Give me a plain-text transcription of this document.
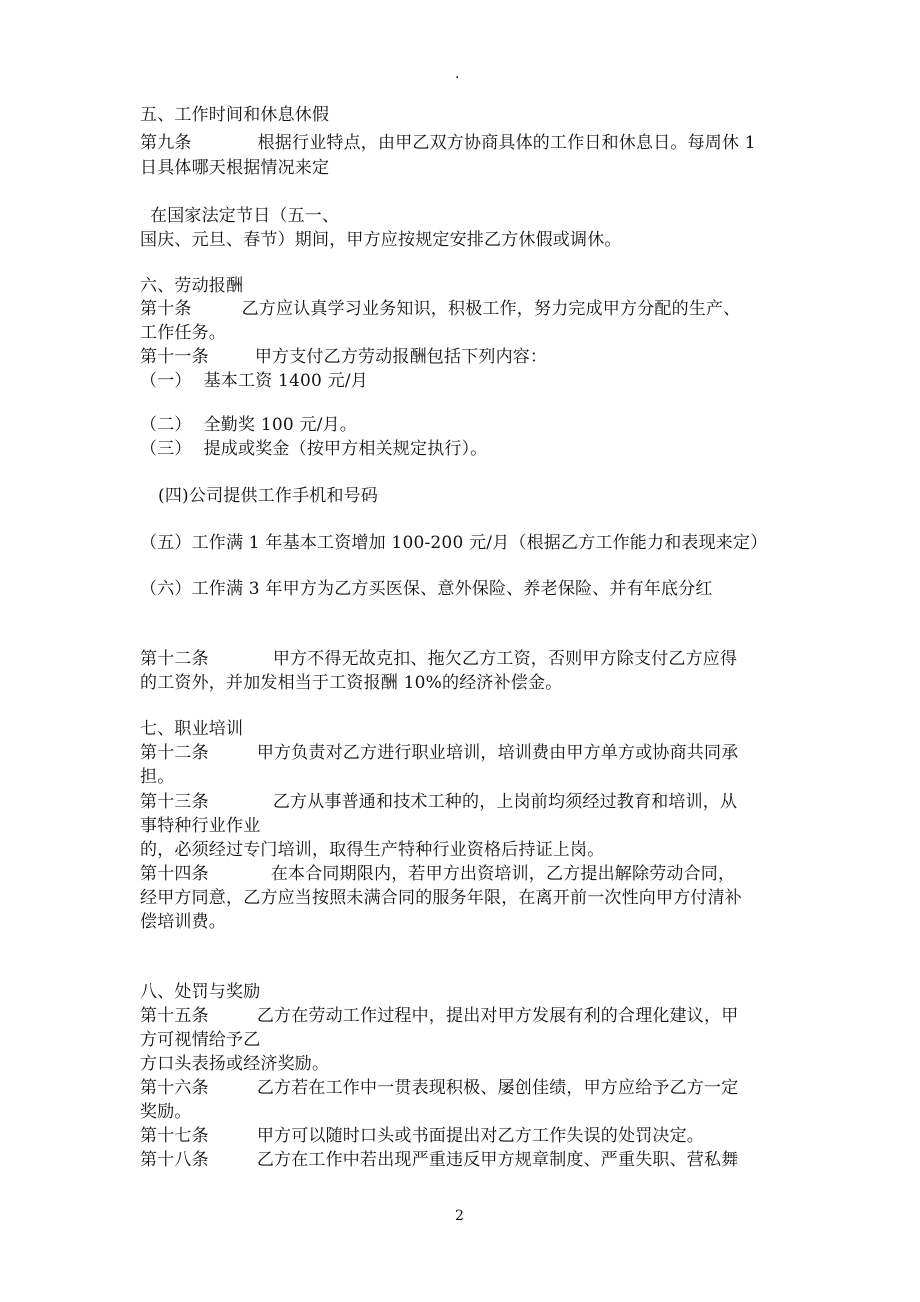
.
五、工作时间和休息休假
第九条	根据行业特点，由甲乙双方协商具体的工作日和休息日。每周休 1
日具体哪天根据情况来定
在国家法定节日（五一、
国庆、元旦、春节）期间，甲方应按规定安排乙方休假或调休。
六、劳动报酬
第十条	乙方应认真学习业务知识，积极工作，努力完成甲方分配的生产、
工作任务。
第十一条	甲方支付乙方劳动报酬包括下列内容：
（一） 基本工资 1400 元/月
（二） 全勤奖 100 元/月。
（三） 提成或奖金（按甲方相关规定执行）。
(四)公司提供工作手机和号码
（五）工作满 1 年基本工资增加 100-200 元/月（根据乙方工作能力和表现来定）
（六）工作满 3 年甲方为乙方买医保、意外保险、养老保险、并有年底分红
第十二条	甲方不得无故克扣、拖欠乙方工资，否则甲方除支付乙方应得
的工资外，并加发相当于工资报酬 10%的经济补偿金。
七、职业培训
第十二条	甲方负责对乙方进行职业培训，培训费由甲方单方或协商共同承
担。
第十三条	乙方从事普通和技术工种的，上岗前均须经过教育和培训，从
事特种行业作业
的，必须经过专门培训，取得生产特种行业资格后持证上岗。
第十四条	在本合同期限内，若甲方出资培训，乙方提出解除劳动合同，
经甲方同意，乙方应当按照未满合同的服务年限，在离开前一次性向甲方付清补
偿培训费。
八、处罚与奖励
第十五条	乙方在劳动工作过程中，提出对甲方发展有利的合理化建议，甲
方可视情给予乙
方口头表扬或经济奖励。
第十六条	乙方若在工作中一贯表现积极、屡创佳绩，甲方应给予乙方一定
奖励。
第十七条	甲方可以随时口头或书面提出对乙方工作失误的处罚决定。
第十八条	乙方在工作中若出现严重违反甲方规章制度、严重失职、营私舞
2
